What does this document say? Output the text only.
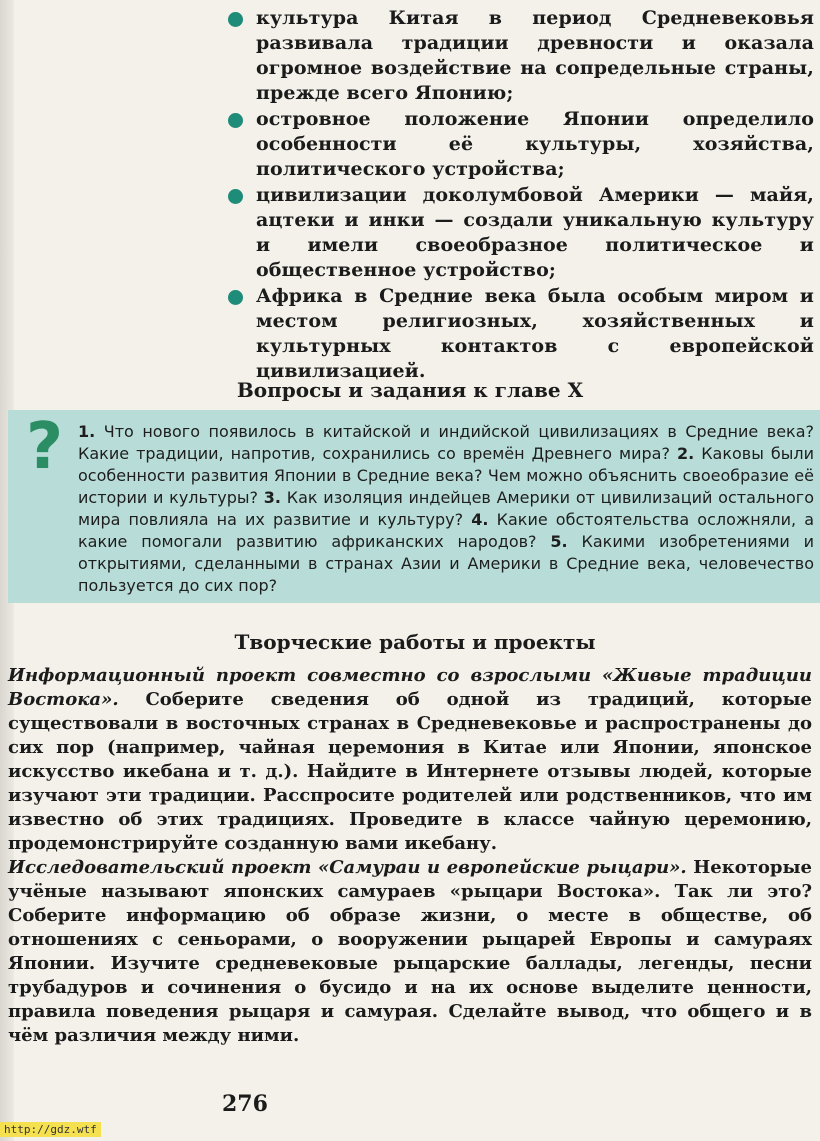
культура Китая в период Средневековья развивала традиции древности и оказала огромное воздействие на сопредельные страны, прежде всего Японию;
островное положение Японии определило особенности её культуры, хозяйства, политического устройства;
цивилизации доколумбовой Америки — майя, ацтеки и инки — создали уникальную культуру и имели своеобразное политическое и общественное устройство;
Африка в Средние века была особым миром и местом религиозных, хозяйственных и культурных контактов с европейской цивилизацией.
Вопросы и задания к главе X
? 1. Что нового появилось в китайской и индийской цивилизациях в Средние века? Какие традиции, напротив, сохранились со времён Древнего мира? 2. Каковы были особенности развития Японии в Средние века? Чем можно объяснить своеобразие её истории и культуры? 3. Как изоляция индейцев Америки от цивилизаций остального мира повлияла на их развитие и культуру? 4. Какие обстоятельства осложняли, а какие помогали развитию африканских народов? 5. Какими изобретениями и открытиями, сделанными в странах Азии и Америки в Средние века, человечество пользуется до сих пор?
Творческие работы и проекты

Информационный проект совместно со взрослыми «Живые традиции Востока». Соберите сведения об одной из традиций, которые существовали в восточных странах в Средневековье и распространены до сих пор (например, чайная церемония в Китае или Японии, японское искусство икебана и т. д.). Найдите в Интернете отзывы людей, которые изучают эти традиции. Расспросите родителей или родственников, что им известно об этих традициях. Проведите в классе чайную церемонию, продемонстрируйте созданную вами икебану.

Исследовательский проект «Самураи и европейские рыцари». Некоторые учёные называют японских самураев «рыцари Востока». Так ли это? Соберите информацию об образе жизни, о месте в обществе, об отношениях с сеньорами, о вооружении рыцарей Европы и самураях Японии. Изучите средневековые рыцарские баллады, легенды, песни трубадуров и сочинения о бусидо и на их основе выделите ценности, правила поведения рыцаря и самурая. Сделайте вывод, что общего и в чём различия между ними.

276
http://gdz.wtf
